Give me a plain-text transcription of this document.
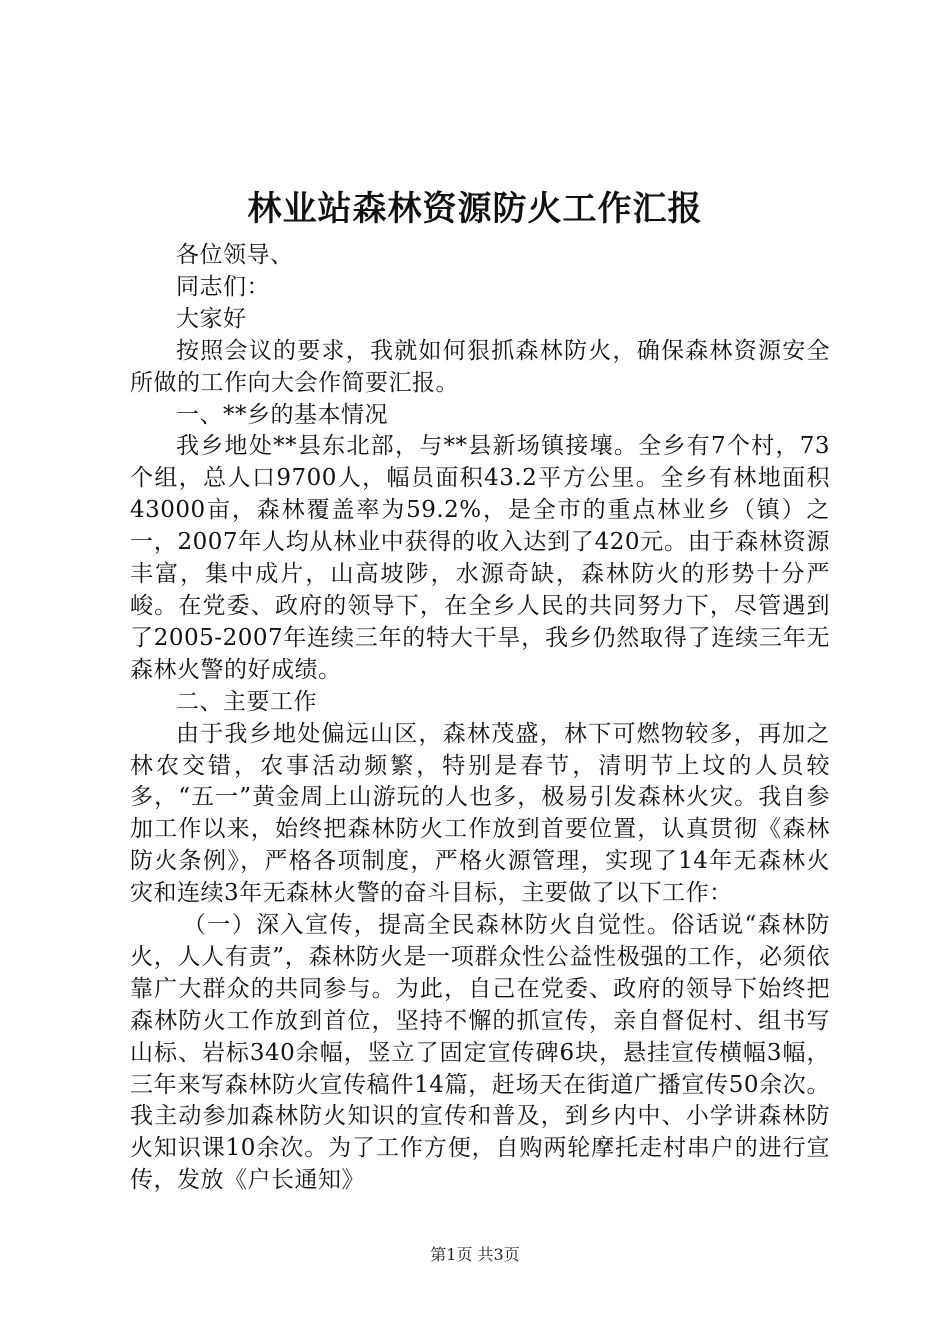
林业站森林资源防火工作汇报

各位领导、

同志们：

大家好

按照会议的要求，我就如何狠抓森林防火，确保森林资源安全所做的工作向大会作简要汇报。

一、**乡的基本情况

我乡地处**县东北部，与**县新场镇接壤。全乡有7个村，73个组，总人口9700人，幅员面积43.2平方公里。全乡有林地面积43000亩，森林覆盖率为59.2%，是全市的重点林业乡（镇）之一，2007年人均从林业中获得的收入达到了420元。由于森林资源丰富，集中成片，山高坡陟，水源奇缺，森林防火的形势十分严峻。在党委、政府的领导下，在全乡人民的共同努力下，尽管遇到了2005-2007年连续三年的特大干旱，我乡仍然取得了连续三年无森林火警的好成绩。

二、主要工作

由于我乡地处偏远山区，森林茂盛，林下可燃物较多，再加之林农交错，农事活动频繁，特别是春节，清明节上坟的人员较多，“五一”黄金周上山游玩的人也多，极易引发森林火灾。我自参加工作以来，始终把森林防火工作放到首要位置，认真贯彻《森林防火条例》，严格各项制度，严格火源管理，实现了14年无森林火灾和连续3年无森林火警的奋斗目标，主要做了以下工作：

（一）深入宣传，提高全民森林防火自觉性。俗话说“森林防火，人人有责”，森林防火是一项群众性公益性极强的工作，必须依靠广大群众的共同参与。为此，自己在党委、政府的领导下始终把森林防火工作放到首位，坚持不懈的抓宣传，亲自督促村、组书写山标、岩标340余幅，竖立了固定宣传碑6块，悬挂宣传横幅3幅，三年来写森林防火宣传稿件14篇，赶场天在街道广播宣传50余次。我主动参加森林防火知识的宣传和普及，到乡内中、小学讲森林防火知识课10余次。为了工作方便，自购两轮摩托走村串户的进行宣传，发放《户长通知》

第1页 共3页
